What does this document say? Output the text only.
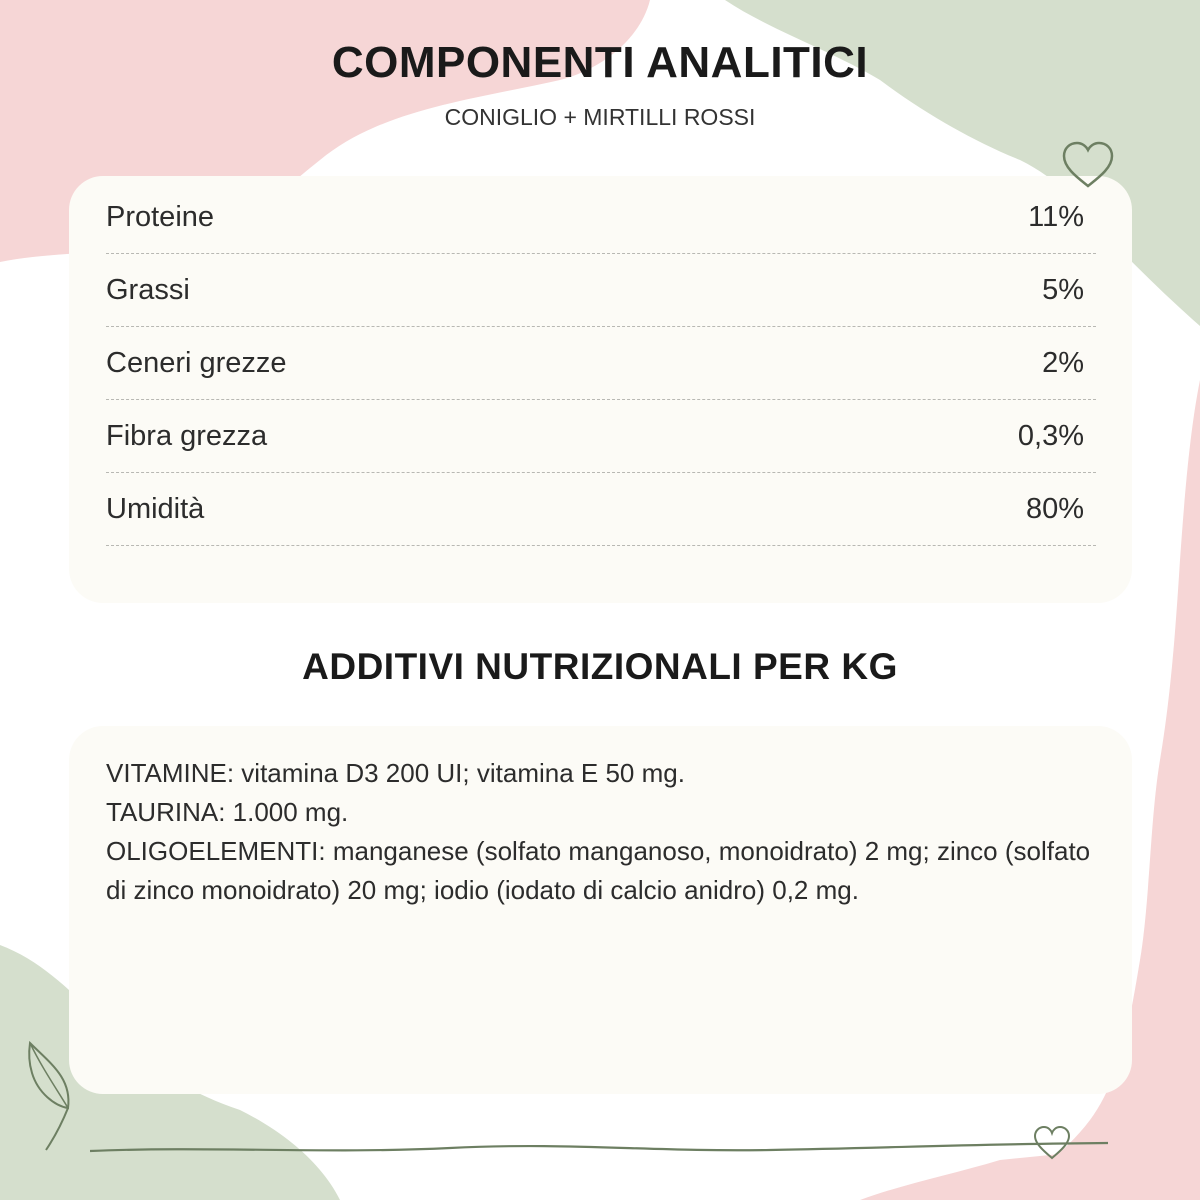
COMPONENTI ANALITICI
CONIGLIO + MIRTILLI ROSSI
Proteine	11%
Grassi	5%
Ceneri grezze	2%
Fibra grezza	0,3%
Umidità	80%
ADDITIVI NUTRIZIONALI PER KG

VITAMINE: vitamina D3 200 UI; vitamina E 50 mg.

TAURINA: 1.000 mg.

OLIGOELEMENTI: manganese (solfato manganoso, monoidrato) 2 mg; zinco (solfato di zinco monoidrato) 20 mg; iodio (iodato di calcio anidro) 0,2 mg.
